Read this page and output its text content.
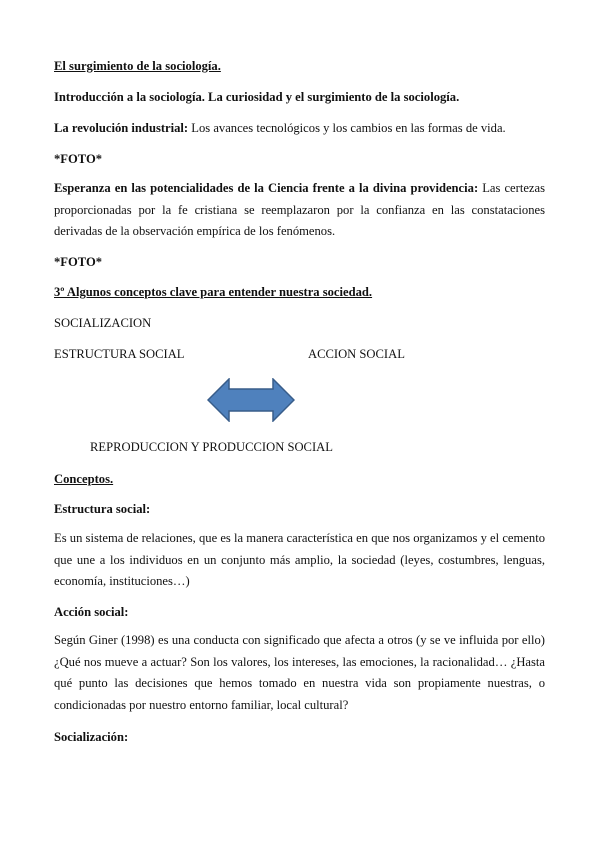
El surgimiento de la sociología.
Introducción a la sociología. La curiosidad y el surgimiento de la sociología.
La revolución industrial: Los avances tecnológicos y los cambios en las formas de vida.
*FOTO*
Esperanza en las potencialidades de la Ciencia frente a la divina providencia: Las certezas proporcionadas por la fe cristiana se reemplazaron por la confianza en las constataciones derivadas de la observación empírica de los fenómenos.
*FOTO*
3º Algunos conceptos clave para entender nuestra sociedad.
SOCIALIZACION
ESTRUCTURA SOCIAL	ACCION SOCIAL
REPRODUCCION Y PRODUCCION SOCIAL
Conceptos.
Estructura social:
Es un sistema de relaciones, que es la manera característica en que nos organizamos y el cemento que une a los individuos en un conjunto más amplio, la sociedad (leyes, costumbres, lenguas, economía, instituciones…)
Acción social:
Según Giner (1998) es una conducta con significado que afecta a otros (y se ve influida por ello) ¿Qué nos mueve a actuar? Son los valores, los intereses, las emociones, la racionalidad… ¿Hasta qué punto las decisiones que hemos tomado en nuestra vida son propiamente nuestras, o condicionadas por nuestro entorno familiar, local cultural?
Socialización:
